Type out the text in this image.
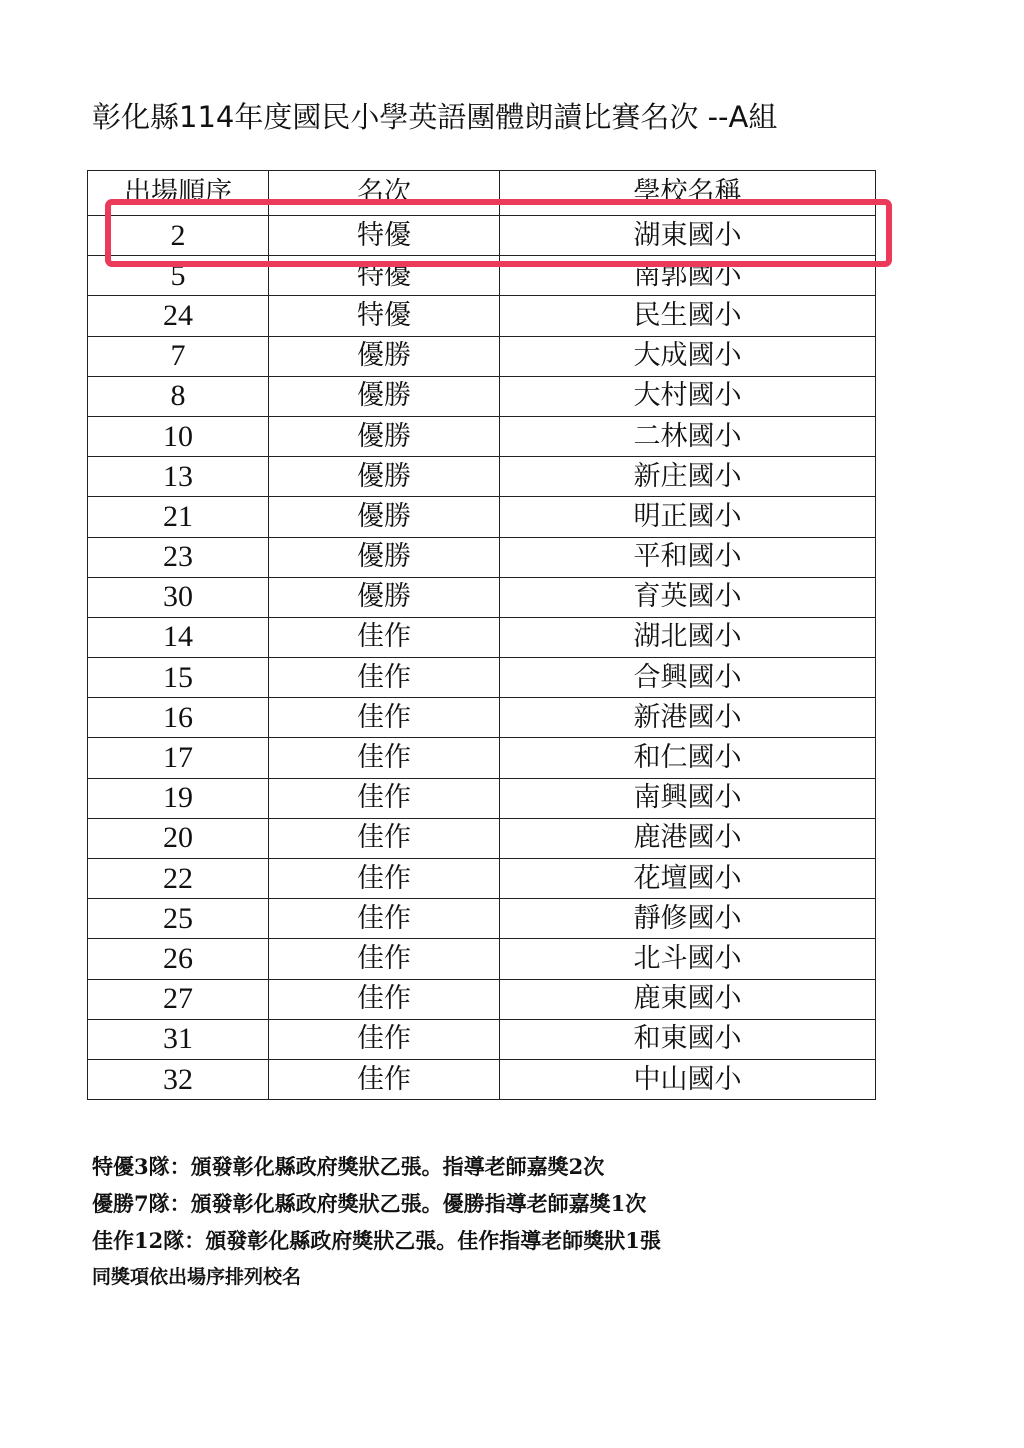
彰化縣114年度國民小學英語團體朗讀比賽名次 --A組
出場順序	名次	學校名稱
2	特優	湖東國小
5	特優	南郭國小
24	特優	民生國小
7	優勝	大成國小
8	優勝	大村國小
10	優勝	二林國小
13	優勝	新庄國小
21	優勝	明正國小
23	優勝	平和國小
30	優勝	育英國小
14	佳作	湖北國小
15	佳作	合興國小
16	佳作	新港國小
17	佳作	和仁國小
19	佳作	南興國小
20	佳作	鹿港國小
22	佳作	花壇國小
25	佳作	靜修國小
26	佳作	北斗國小
27	佳作	鹿東國小
31	佳作	和東國小
32	佳作	中山國小
特優3隊：頒發彰化縣政府獎狀乙張。指導老師嘉獎2次
優勝7隊：頒發彰化縣政府獎狀乙張。優勝指導老師嘉獎1次
佳作12隊：頒發彰化縣政府獎狀乙張。佳作指導老師獎狀1張
同獎項依出場序排列校名
